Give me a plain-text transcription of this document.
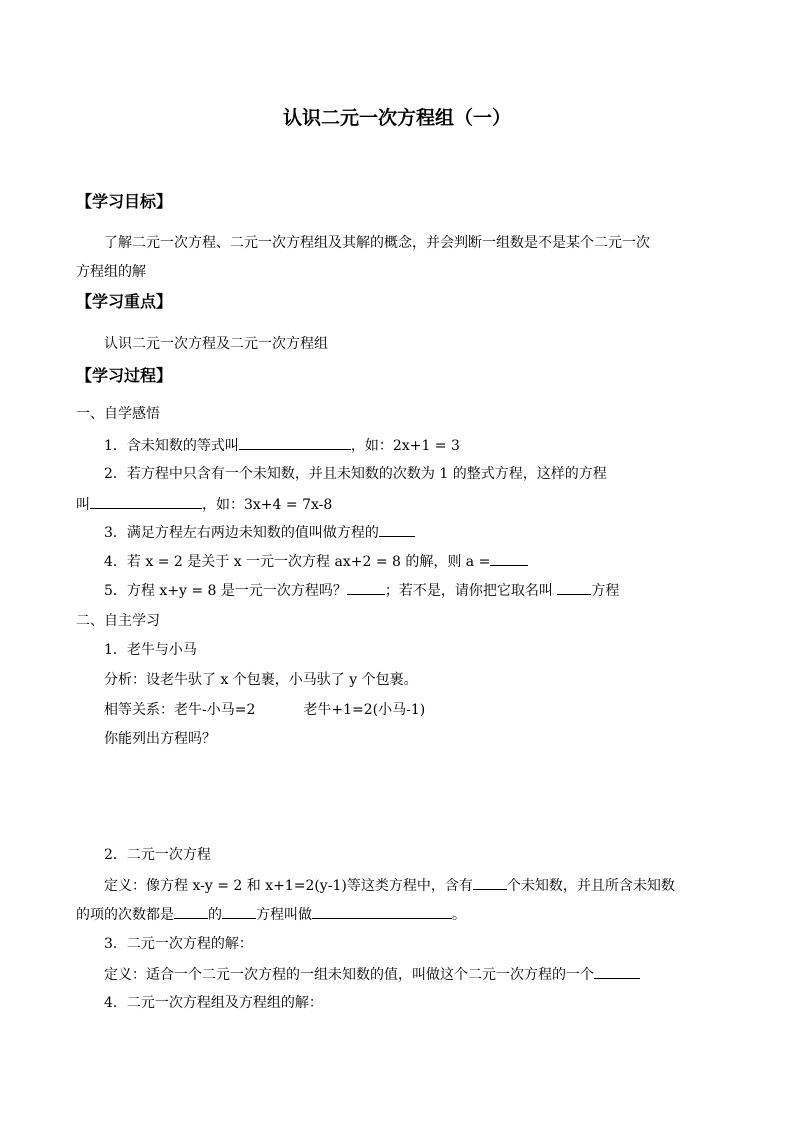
认识二元一次方程组（一）
【学习目标】
了解二元一次方程、二元一次方程组及其解的概念，并会判断一组数是不是某个二元一次
方程组的解
【学习重点】
认识二元一次方程及二元一次方程组
【学习过程】
一、自学感悟
1．含未知数的等式叫	，如：2x+1 = 3
2．若方程中只含有一个未知数，并且未知数的次数为 1 的整式方程，这样的方程
叫	，如：3x+4 = 7x-8
3．满足方程左右两边未知数的值叫做方程的
4．若 x = 2 是关于 x 一元一次方程 ax+2 = 8 的解，则 a =
5．方程 x+y = 8 是一元一次方程吗？	；若不是，请你把它取名叫	方程
二、自主学习
1．老牛与小马
分析：设老牛驮了 x 个包裹，小马驮了 y 个包裹。
相等关系：老牛-小马=2	老牛+1=2(小马-1)
你能列出方程吗？
2．二元一次方程
定义：像方程 x-y = 2 和 x+1=2(y-1)等这类方程中，含有 个未知数，并且所含未知数
的项的次数都是 的 方程叫做	。
3．二元一次方程的解：
定义：适合一个二元一次方程的一组未知数的值，叫做这个二元一次方程的一个
4．二元一次方程组及方程组的解：
